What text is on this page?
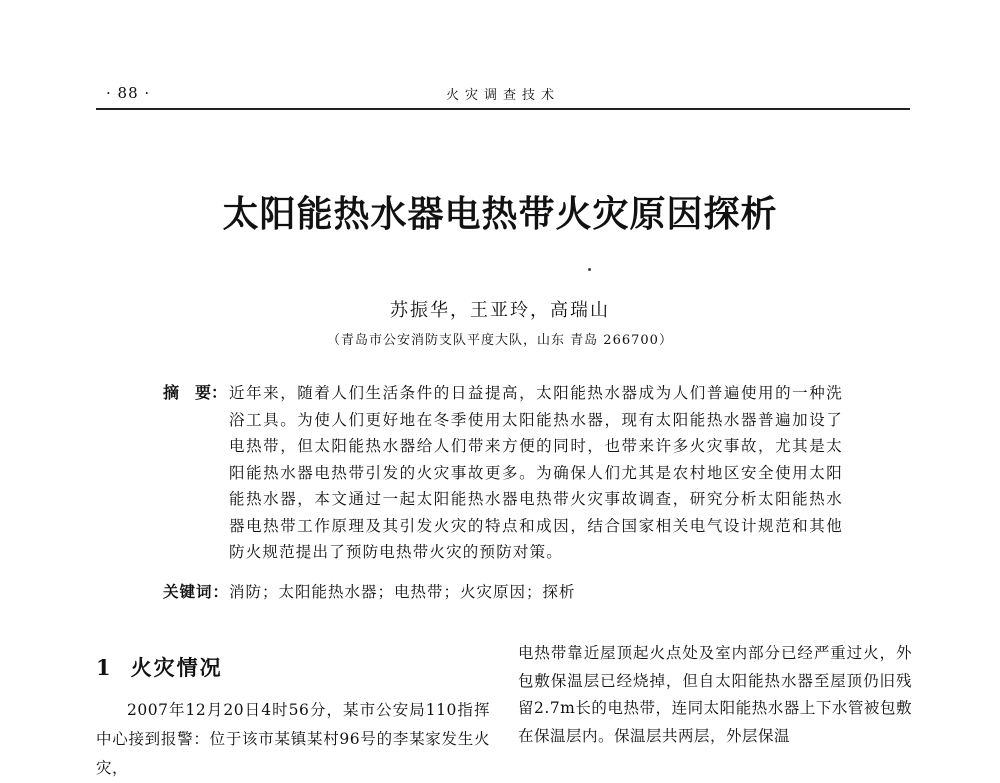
· 88 ·	火灾调查技术
太阳能热水器电热带火灾原因探析
苏振华，王亚玲，高瑞山
（青岛市公安消防支队平度大队，山东 青岛 266700）
摘　要： 近年来，随着人们生活条件的日益提高，太阳能热水器成为人们普遍使用的一种洗浴工具。为使人们更好地在冬季使用太阳能热水器，现有太阳能热水器普遍加设了电热带，但太阳能热水器给人们带来方便的同时，也带来许多火灾事故，尤其是太阳能热水器电热带引发的火灾事故更多。为确保人们尤其是农村地区安全使用太阳能热水器，本文通过一起太阳能热水器电热带火灾事故调查，研究分析太阳能热水器电热带工作原理及其引发火灾的特点和成因，结合国家相关电气设计规范和其他防火规范提出了预防电热带火灾的预防对策。
关键词：消防；太阳能热水器；电热带；火灾原因；探析
1 火灾情况

2007年12月20日4时56分，某市公安局110指挥中心接到报警：位于该市某镇某村96号的李某家发生火灾，

电热带靠近屋顶起火点处及室内部分已经严重过火，外包敷保温层已经烧掉，但自太阳能热水器至屋顶仍旧残留2.7m长的电热带，连同太阳能热水器上下水管被包敷在保温层内。保温层共两层，外层保温
